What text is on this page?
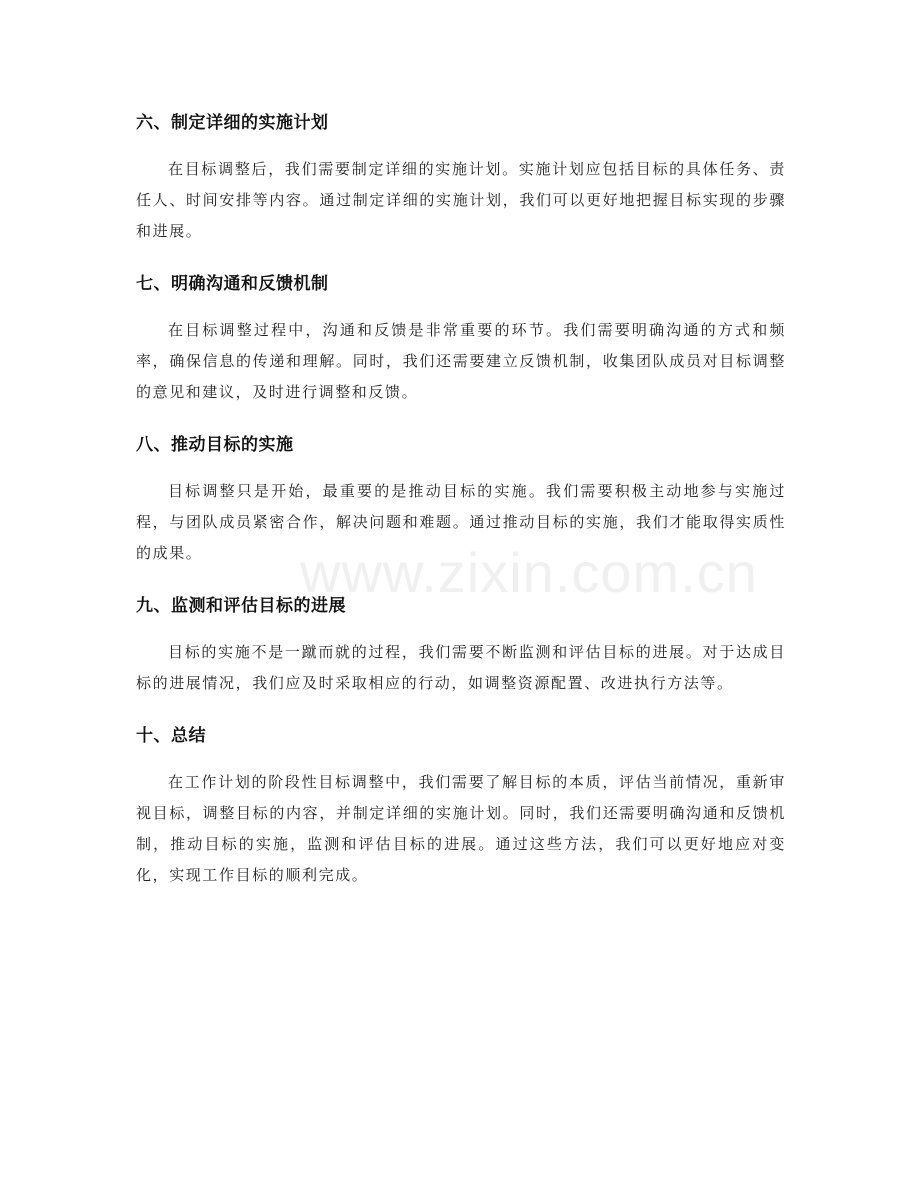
六、制定详细的实施计划

在目标调整后，我们需要制定详细的实施计划。实施计划应包括目标的具体任务、责任人、时间安排等内容。通过制定详细的实施计划，我们可以更好地把握目标实现的步骤和进展。

七、明确沟通和反馈机制

在目标调整过程中，沟通和反馈是非常重要的环节。我们需要明确沟通的方式和频率，确保信息的传递和理解。同时，我们还需要建立反馈机制，收集团队成员对目标调整的意见和建议，及时进行调整和反馈。

八、推动目标的实施

目标调整只是开始，最重要的是推动目标的实施。我们需要积极主动地参与实施过程，与团队成员紧密合作，解决问题和难题。通过推动目标的实施，我们才能取得实质性的成果。

九、监测和评估目标的进展

目标的实施不是一蹴而就的过程，我们需要不断监测和评估目标的进展。对于达成目标的进展情况，我们应及时采取相应的行动，如调整资源配置、改进执行方法等。

十、总结

在工作计划的阶段性目标调整中，我们需要了解目标的本质，评估当前情况，重新审视目标，调整目标的内容，并制定详细的实施计划。同时，我们还需要明确沟通和反馈机制，推动目标的实施，监测和评估目标的进展。通过这些方法，我们可以更好地应对变化，实现工作目标的顺利完成。

www.zixin.com.cn
